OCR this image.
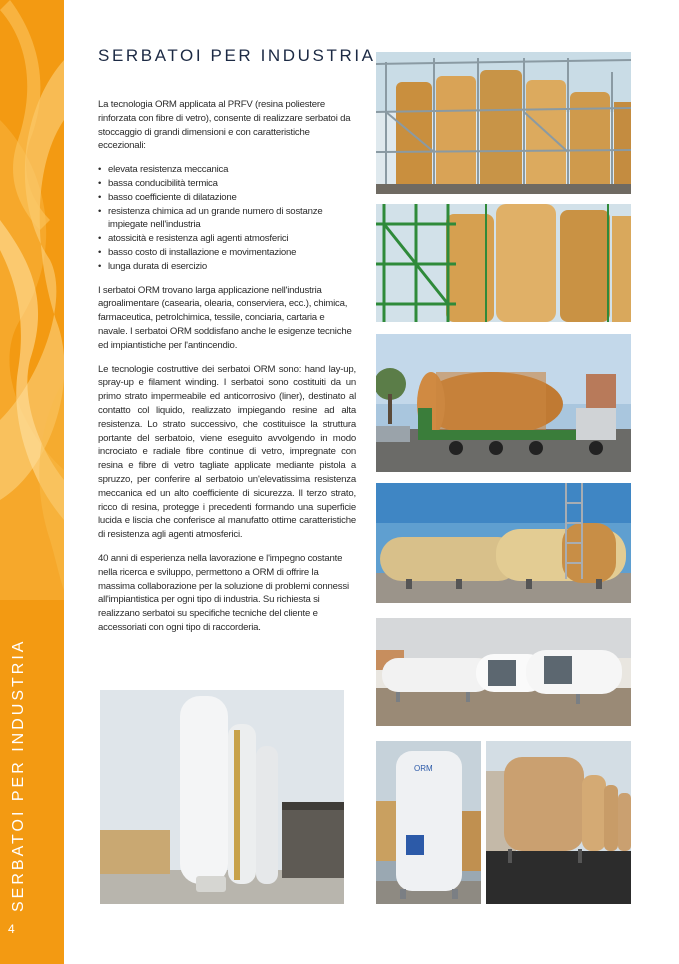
SERBATOI PER INDUSTRIA
4
SERBATOI PER INDUSTRIA

La tecnologia ORM applicata al PRFV (resina poliestere rinforzata con fibre di vetro), consente di realizzare serbatoi da stoccaggio di grandi dimensioni e con caratteristiche eccezionali:

• elevata resistenza meccanica
• bassa conducibilità termica
• basso coefficiente di dilatazione
• resistenza chimica ad un grande numero di sostanze impiegate nell'industria
• atossicità e resistenza agli agenti atmosferici
• basso costo di installazione e movimentazione
• lunga durata di esercizio

I serbatoi ORM trovano larga applicazione nell'industria agroalimentare (casearia, olearia, conserviera, ecc.), chimica, farmaceutica, petrolchimica, tessile, conciaria, cartaria e navale. I serbatoi ORM soddisfano anche le esigenze tecniche ed impiantistiche per l'antincendio.

Le tecnologie costruttive dei serbatoi ORM sono: hand lay-up, spray-up e filament winding. I serbatoi sono costituiti da un primo strato impermeabile ed anticorrosivo (liner), destinato al contatto col liquido, realizzato impiegando resine ad alta resistenza. Lo strato successivo, che costituisce la struttura portante del serbatoio, viene eseguito avvolgendo in modo incrociato e radiale fibre continue di vetro, impregnate con resina e fibre di vetro tagliate applicate mediante pistola a spruzzo, per conferire al serbatoio un'elevatissima resistenza meccanica ed un alto coefficiente di sicurezza. Il terzo strato, ricco di resina, protegge i precedenti formando una superficie lucida e liscia che conferisce al manufatto ottime caratteristiche di resistenza agli agenti atmosferici.

40 anni di esperienza nella lavorazione e l'impegno costante nella ricerca e sviluppo, permettono a ORM di offrire la massima collaborazione per la soluzione di problemi connessi all'impiantistica per ogni tipo di industria. Su richiesta si realizzano serbatoi su specifiche tecniche del cliente e accessoriati con ogni tipo di raccorderia.

ORM
